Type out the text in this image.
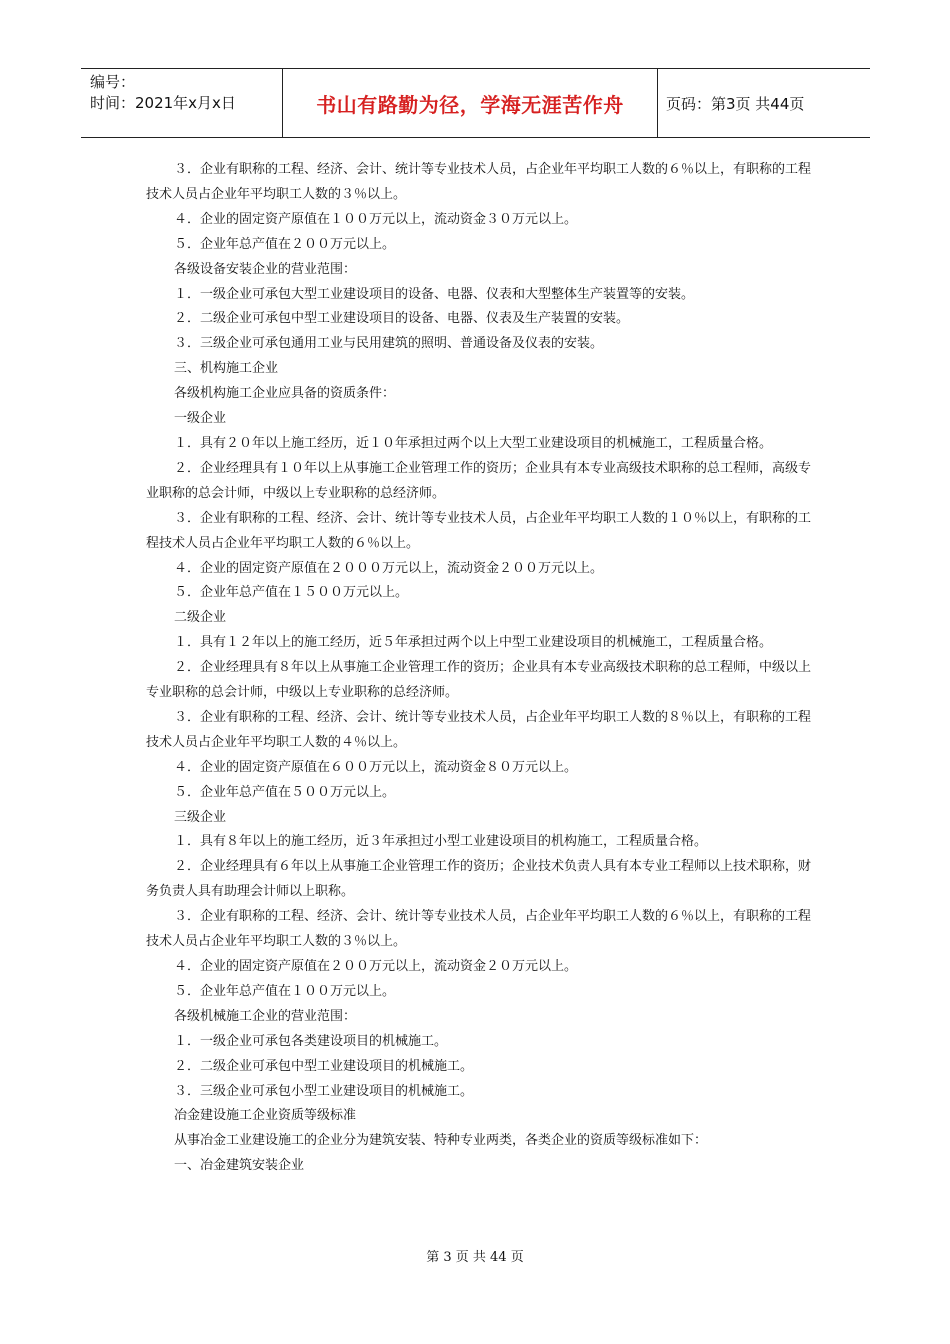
编号：
时间：2021年x月x日	书山有路勤为径，学海无涯苦作舟	页码：第3页 共44页

３．企业有职称的工程、经济、会计、统计等专业技术人员，占企业年平均职工人数的６％以上，有职称的工程技术人员占企业年平均职工人数的３％以上。

４．企业的固定资产原值在１００万元以上，流动资金３０万元以上。

５．企业年总产值在２００万元以上。

各级设备安装企业的营业范围：

１．一级企业可承包大型工业建设项目的设备、电器、仪表和大型整体生产装置等的安装。

２．二级企业可承包中型工业建设项目的设备、电器、仪表及生产装置的安装。

３．三级企业可承包通用工业与民用建筑的照明、普通设备及仪表的安装。

三、机构施工企业

各级机构施工企业应具备的资质条件：

一级企业

１．具有２０年以上施工经历，近１０年承担过两个以上大型工业建设项目的机械施工，工程质量合格。

２．企业经理具有１０年以上从事施工企业管理工作的资历；企业具有本专业高级技术职称的总工程师，高级专业职称的总会计师，中级以上专业职称的总经济师。

３．企业有职称的工程、经济、会计、统计等专业技术人员，占企业年平均职工人数的１０％以上，有职称的工程技术人员占企业年平均职工人数的６％以上。

４．企业的固定资产原值在２０００万元以上，流动资金２００万元以上。

５．企业年总产值在１５００万元以上。

二级企业

１．具有１２年以上的施工经历，近５年承担过两个以上中型工业建设项目的机械施工，工程质量合格。

２．企业经理具有８年以上从事施工企业管理工作的资历；企业具有本专业高级技术职称的总工程师，中级以上专业职称的总会计师，中级以上专业职称的总经济师。

３．企业有职称的工程、经济、会计、统计等专业技术人员，占企业年平均职工人数的８％以上，有职称的工程技术人员占企业年平均职工人数的４％以上。

４．企业的固定资产原值在６００万元以上，流动资金８０万元以上。

５．企业年总产值在５００万元以上。

三级企业

１．具有８年以上的施工经历，近３年承担过小型工业建设项目的机构施工，工程质量合格。

２．企业经理具有６年以上从事施工企业管理工作的资历；企业技术负责人具有本专业工程师以上技术职称，财务负责人具有助理会计师以上职称。

３．企业有职称的工程、经济、会计、统计等专业技术人员，占企业年平均职工人数的６％以上，有职称的工程技术人员占企业年平均职工人数的３％以上。

４．企业的固定资产原值在２００万元以上，流动资金２０万元以上。

５．企业年总产值在１００万元以上。

各级机械施工企业的营业范围：

１．一级企业可承包各类建设项目的机械施工。

２．二级企业可承包中型工业建设项目的机械施工。

３．三级企业可承包小型工业建设项目的机械施工。

冶金建设施工企业资质等级标准

从事冶金工业建设施工的企业分为建筑安装、特种专业两类，各类企业的资质等级标准如下：

一、冶金建筑安装企业

第 3 页 共 44 页
